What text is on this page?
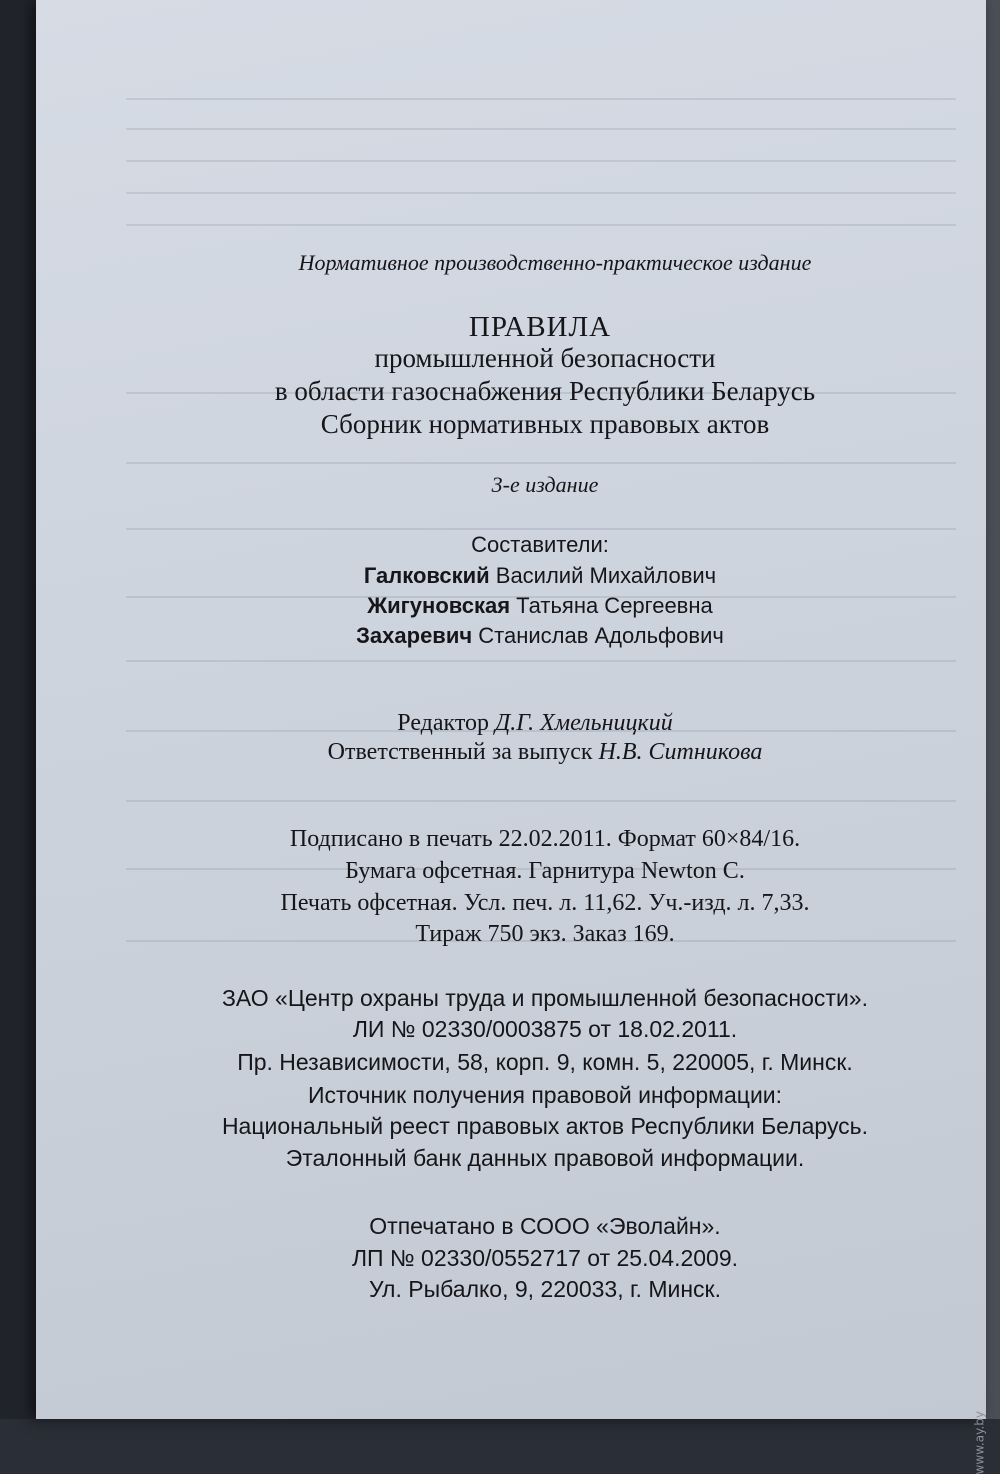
Нормативное производственно-практическое издание
ПРАВИЛА
промышленной безопасности
в области газоснабжения Республики Беларусь
Сборник нормативных правовых актов
3-е издание
Составители:
Галковский Василий Михайлович
Жигуновская Татьяна Сергеевна
Захаревич Станислав Адольфович
Редактор Д.Г. Хмельницкий
Ответственный за выпуск Н.В. Ситникова
Подписано в печать 22.02.2011. Формат 60×84/16.
Бумага офсетная. Гарнитура Newton C.
Печать офсетная. Усл. печ. л. 11,62. Уч.-изд. л. 7,33.
Тираж 750 экз. Заказ 169.
ЗАО «Центр охраны труда и промышленной безопасности».
ЛИ № 02330/0003875 от 18.02.2011.
Пр. Независимости, 58, корп. 9, комн. 5, 220005, г. Минск.
Источник получения правовой информации:
Национальный реест правовых актов Республики Беларусь.
Эталонный банк данных правовой информации.
Отпечатано в СООО «Эволайн».
ЛП № 02330/0552717 от 25.04.2009.
Ул. Рыбалко, 9, 220033, г. Минск.
www.ay.by
